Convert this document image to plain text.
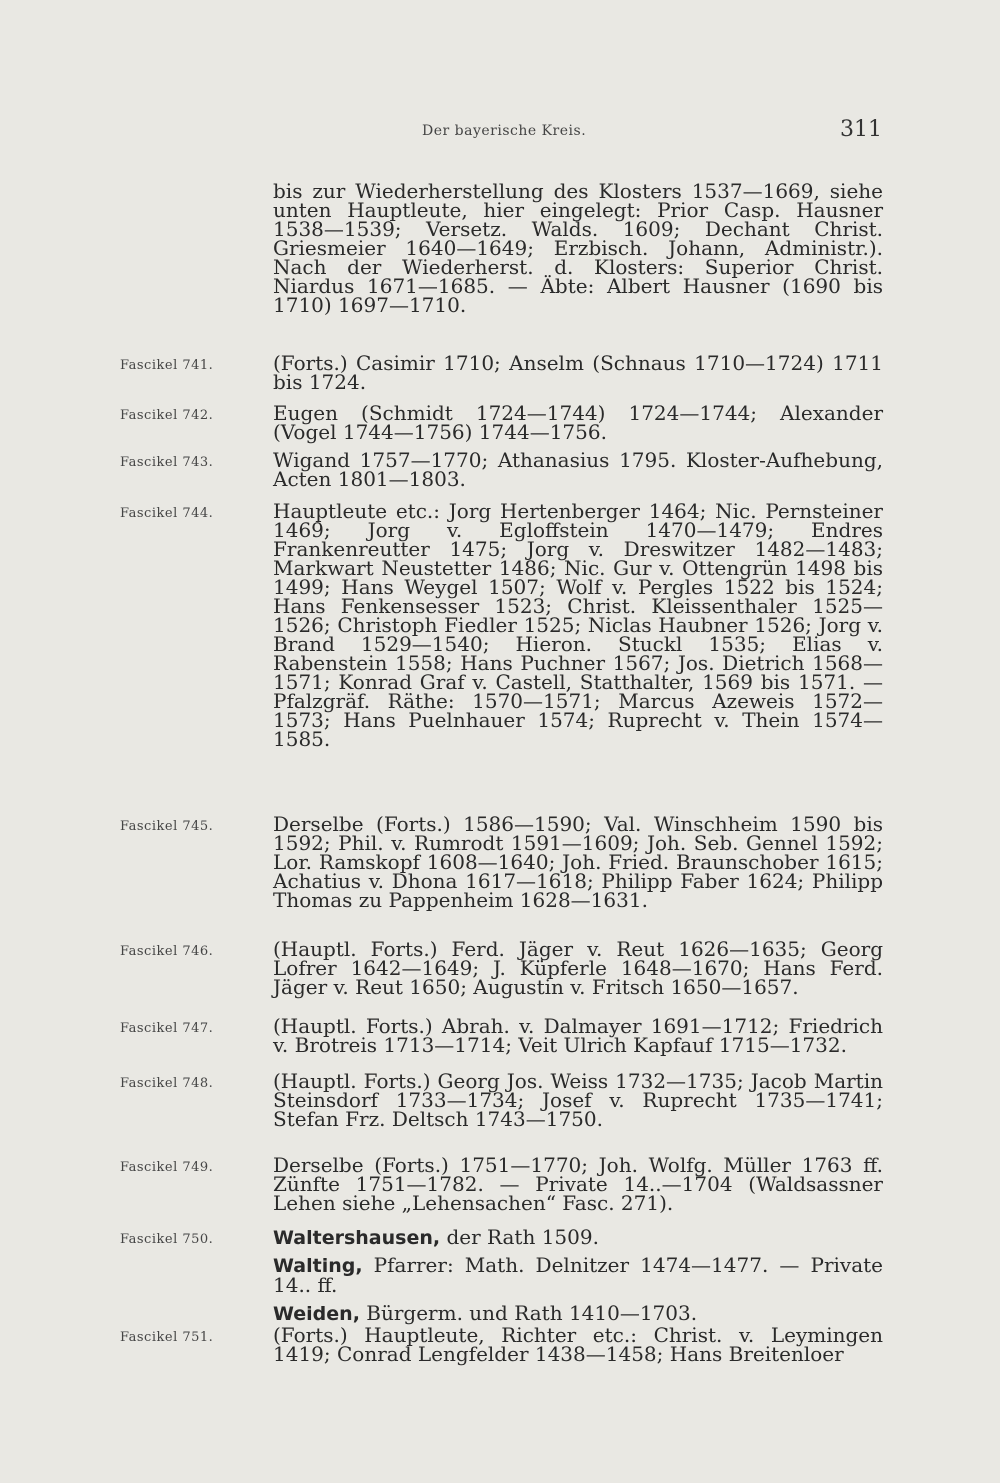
Der bayerische Kreis.	311
bis zur Wiederherstellung des Klosters 1537—1669, siehe unten Hauptleute, hier eingelegt: Prior Casp. Hausner 1538—1539; Versetz. Walds. 1609; Dechant Christ. Griesmeier 1640—1649; Erzbisch. Johann, Administr.). Nach der Wiederherst. d. Klosters: Superior Christ. Niardus 1671—1685. — Äbte: Albert Hausner (1690 bis 1710) 1697—1710.
Fascikel 741.	(Forts.) Casimir 1710; Anselm (Schnaus 1710—1724) 1711 bis 1724.
Fascikel 742.	Eugen (Schmidt 1724—1744) 1724—1744; Alexander (Vogel 1744—1756) 1744—1756.
Fascikel 743.	Wigand 1757—1770; Athanasius 1795. Kloster-Aufhebung, Acten 1801—1803.
Fascikel 744.	Hauptleute etc.: Jorg Hertenberger 1464; Nic. Pernsteiner 1469; Jorg v. Egloffstein 1470—1479; Endres Frankenreutter 1475; Jorg v. Dreswitzer 1482—1483; Markwart Neustetter 1486; Nic. Gur v. Ottengrün 1498 bis 1499; Hans Weygel 1507; Wolf v. Pergles 1522 bis 1524; Hans Fenkensesser 1523; Christ. Kleissenthaler 1525—1526; Christoph Fiedler 1525; Niclas Haubner 1526; Jorg v. Brand 1529—1540; Hieron. Stuckl 1535; Elias v. Rabenstein 1558; Hans Puchner 1567; Jos. Dietrich 1568—1571; Konrad Graf v. Castell, Statthalter, 1569 bis 1571. — Pfalzgräf. Räthe: 1570—1571; Marcus Azeweis 1572—1573; Hans Puelnhauer 1574; Ruprecht v. Thein 1574—1585.
Fascikel 745.	Derselbe (Forts.) 1586—1590; Val. Winschheim 1590 bis 1592; Phil. v. Rumrodt 1591—1609; Joh. Seb. Gennel 1592; Lor. Ramskopf 1608—1640; Joh. Fried. Braunschober 1615; Achatius v. Dhona 1617—1618; Philipp Faber 1624; Philipp Thomas zu Pappenheim 1628—1631.
Fascikel 746.	(Hauptl. Forts.) Ferd. Jäger v. Reut 1626—1635; Georg Lofrer 1642—1649; J. Küpferle 1648—1670; Hans Ferd. Jäger v. Reut 1650; Augustin v. Fritsch 1650—1657.
Fascikel 747.	(Hauptl. Forts.) Abrah. v. Dalmayer 1691—1712; Friedrich v. Brotreis 1713—1714; Veit Ulrich Kapfauf 1715—1732.
Fascikel 748.	(Hauptl. Forts.) Georg Jos. Weiss 1732—1735; Jacob Martin Steinsdorf 1733—1734; Josef v. Ruprecht 1735—1741; Stefan Frz. Deltsch 1743—1750.
Fascikel 749.	Derselbe (Forts.) 1751—1770; Joh. Wolfg. Müller 1763 ff. Zünfte 1751—1782. — Private 14..—1704 (Waldsassner Lehen siehe „Lehensachen“ Fasc. 271).
Fascikel 750.	Waltershausen, der Rath 1509.
Walting, Pfarrer: Math. Delnitzer 1474—1477. — Private 14.. ff.
Weiden, Bürgerm. und Rath 1410—1703.
Fascikel 751.	(Forts.) Hauptleute, Richter etc.: Christ. v. Leymingen 1419; Conrad Lengfelder 1438—1458; Hans Breitenloer
